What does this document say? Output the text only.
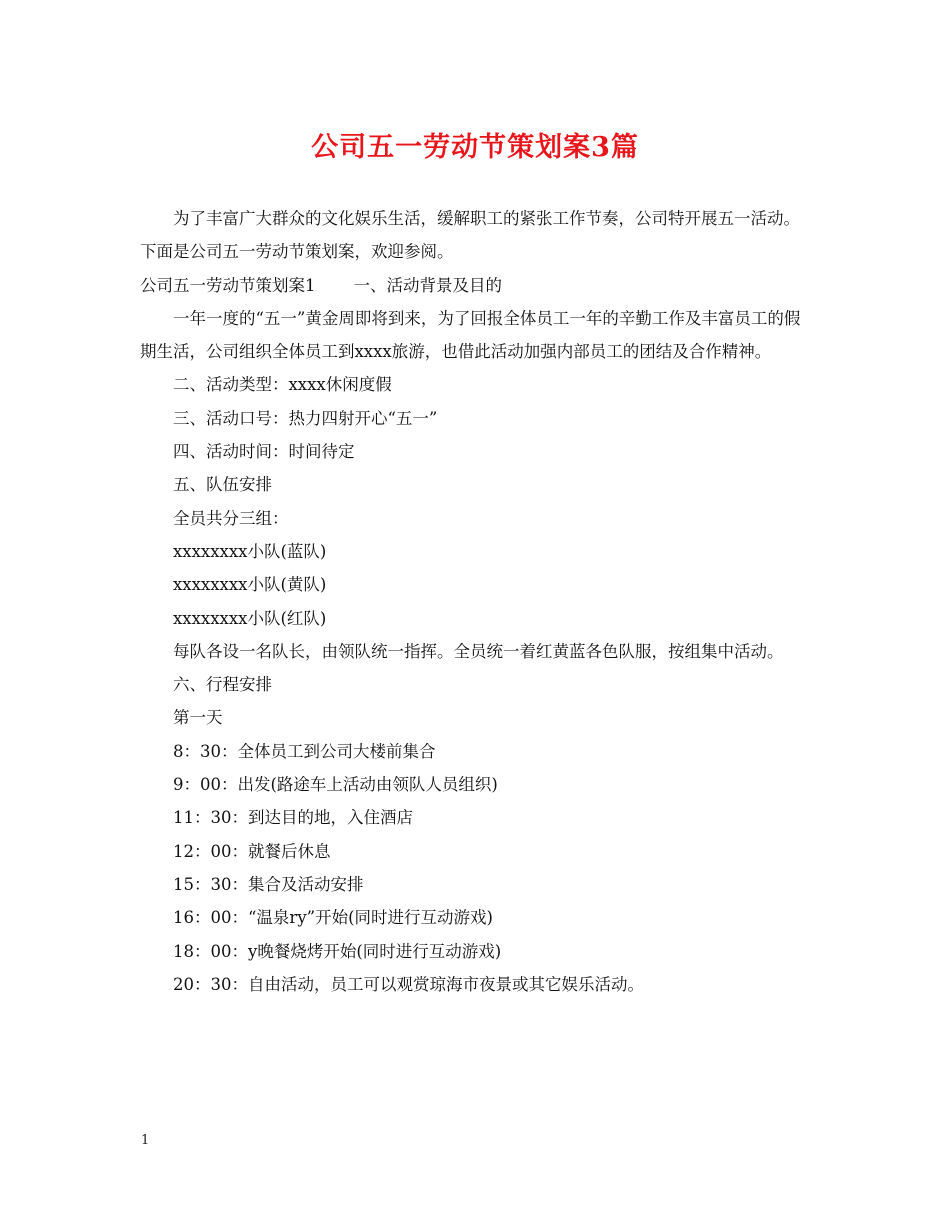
公司五一劳动节策划案3篇

为了丰富广大群众的文化娱乐生活，缓解职工的紧张工作节奏，公司特开展五一活动。下面是公司五一劳动节策划案，欢迎参阅。

公司五一劳动节策划案1 一、活动背景及目的

一年一度的“五一”黄金周即将到来，为了回报全体员工一年的辛勤工作及丰富员工的假期生活，公司组织全体员工到xxxx旅游，也借此活动加强内部员工的团结及合作精神。

二、活动类型：xxxx休闲度假

三、活动口号：热力四射开心“五一”

四、活动时间：时间待定

五、队伍安排

全员共分三组：

xxxxxxxx小队(蓝队)

xxxxxxxx小队(黄队)

xxxxxxxx小队(红队)

每队各设一名队长，由领队统一指挥。全员统一着红黄蓝各色队服，按组集中活动。

六、行程安排

第一天

8：30：全体员工到公司大楼前集合

9：00：出发(路途车上活动由领队人员组织)

11：30：到达目的地，入住酒店

12：00：就餐后休息

15：30：集合及活动安排

16：00：“温泉ry”开始(同时进行互动游戏)

18：00：y晚餐烧烤开始(同时进行互动游戏)

20：30：自由活动，员工可以观赏琼海市夜景或其它娱乐活动。

1
